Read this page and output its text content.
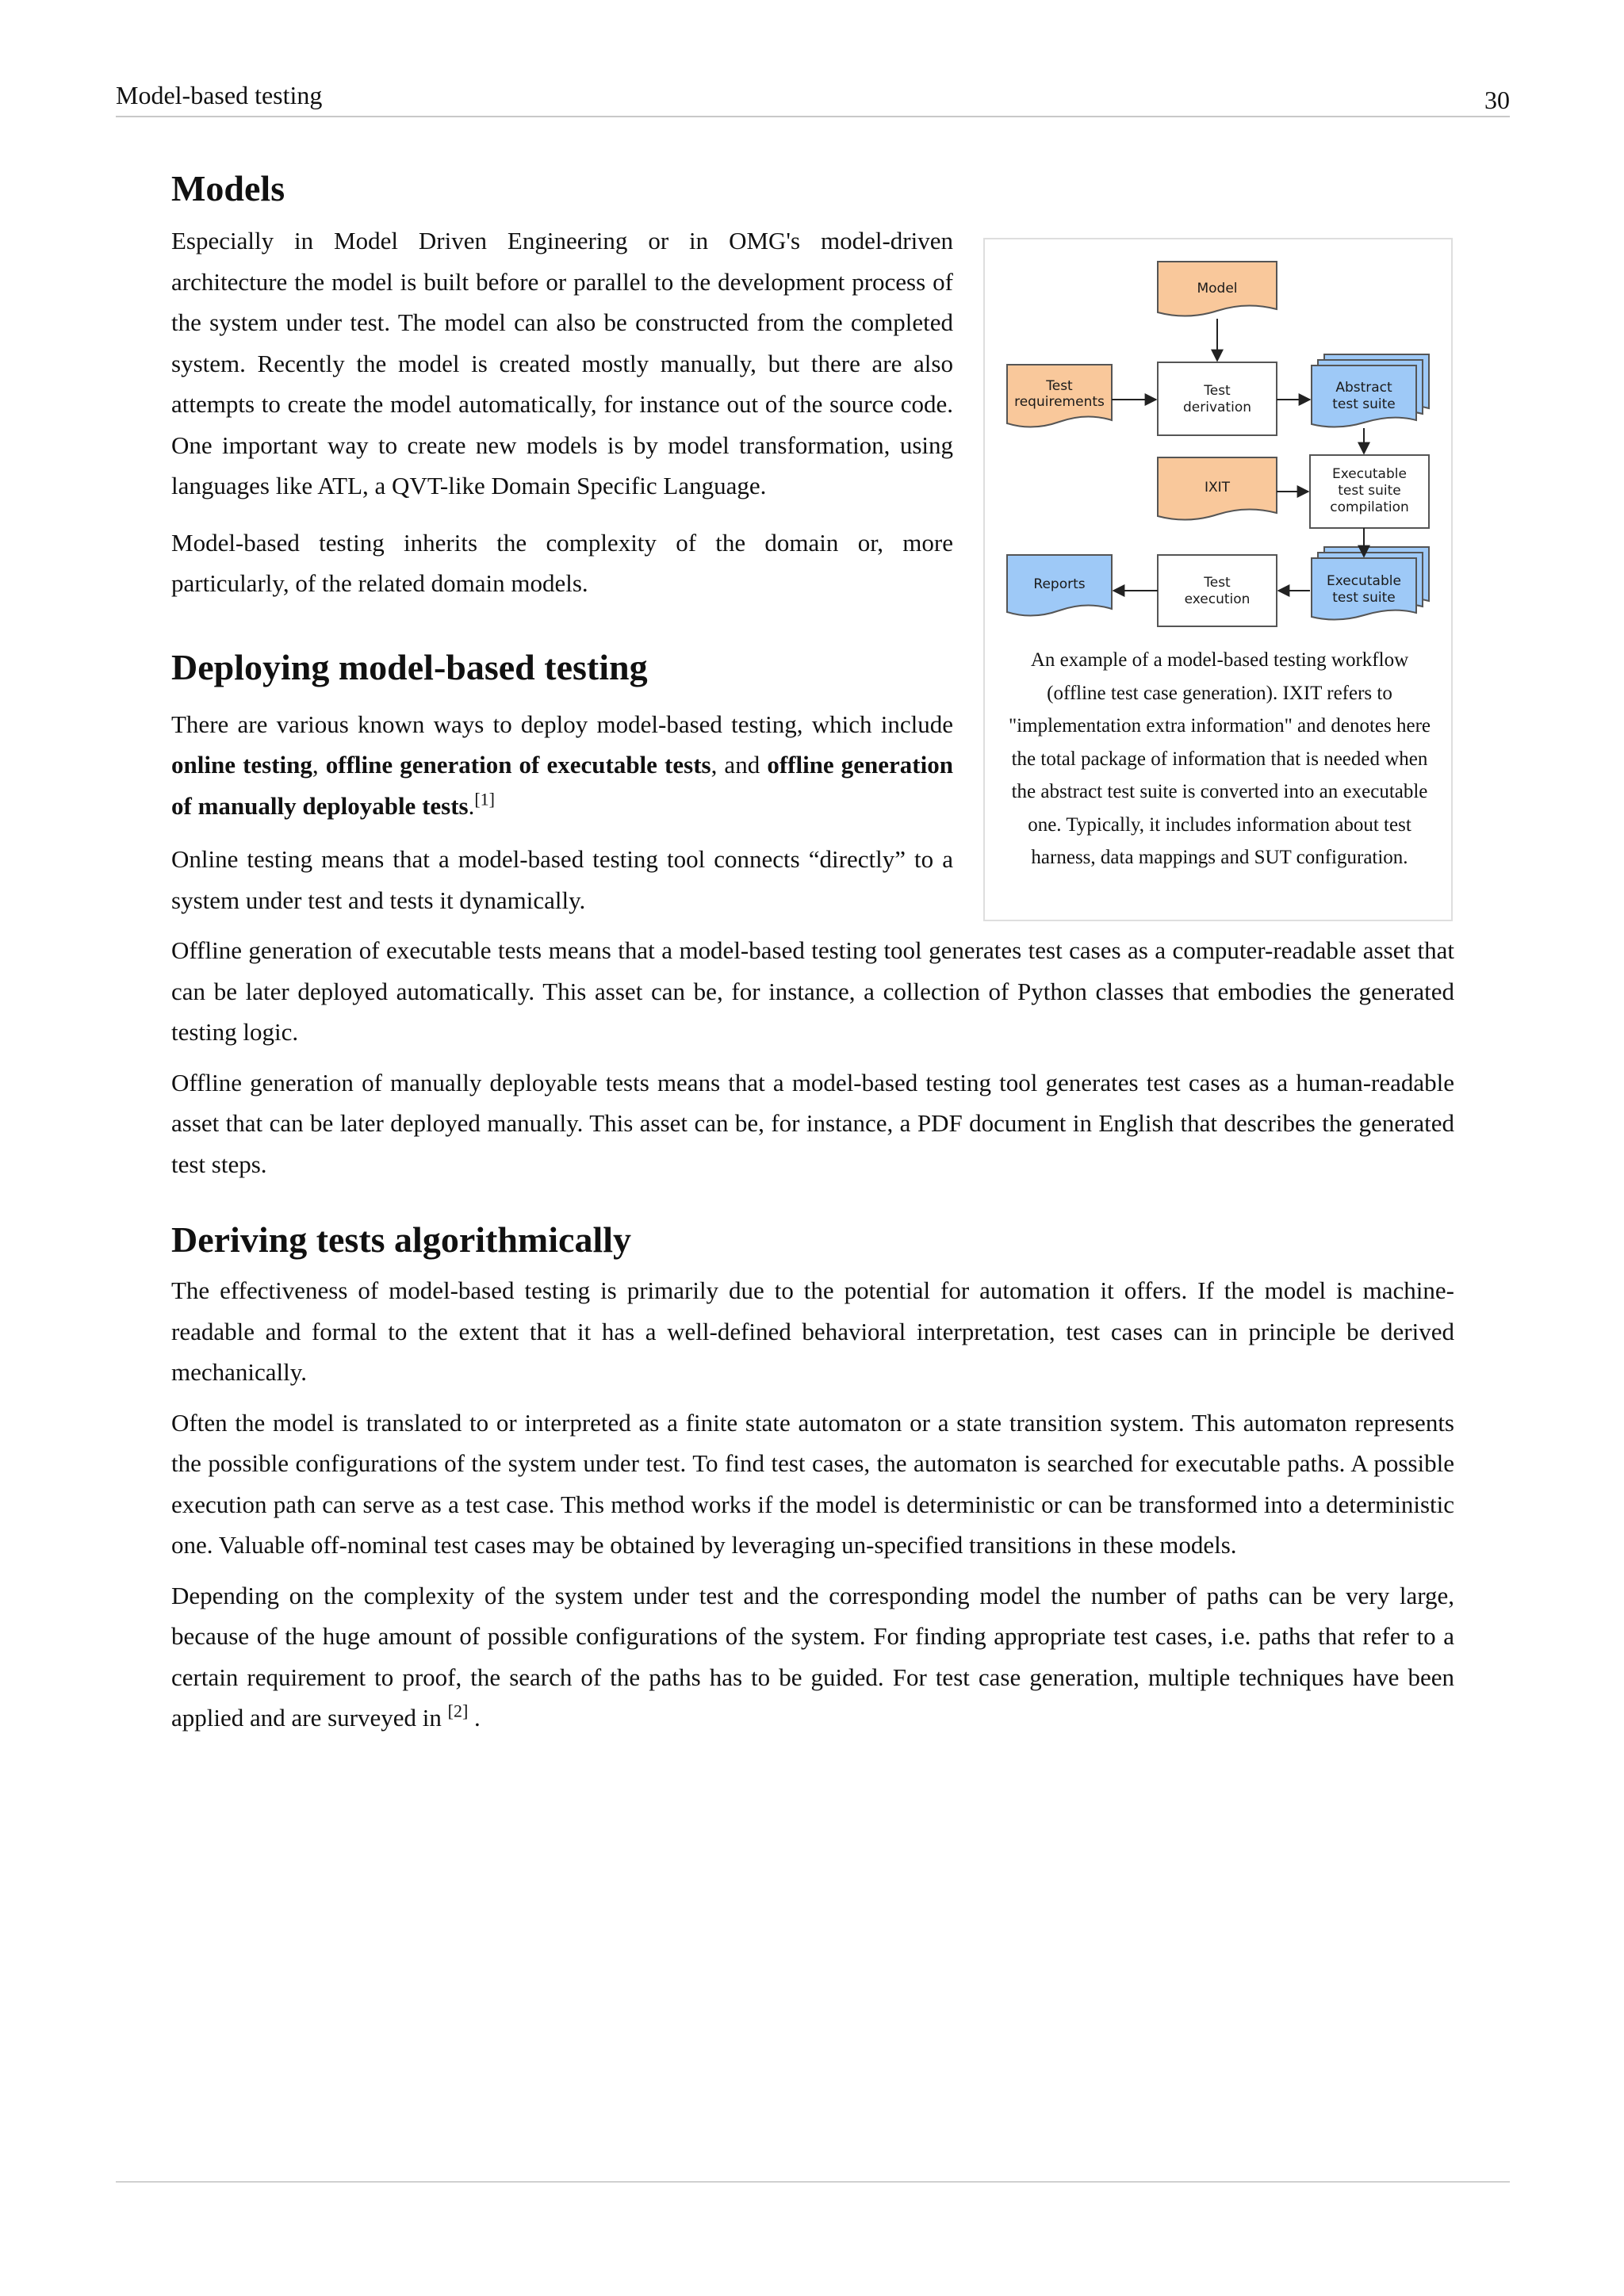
Model-based testing	30
Models

Especially in Model Driven Engineering or in OMG's model-driven architecture the model is built before or parallel to the development process of the system under test. The model can also be constructed from the completed system. Recently the model is created mostly manually, but there are also attempts to create the model automatically, for instance out of the source code. One important way to create new models is by model transformation, using languages like ATL, a QVT-like Domain Specific Language.

Model-based testing inherits the complexity of the domain or, more particularly, of the related domain models.

Deploying model-based testing

There are various known ways to deploy model-based testing, which include online testing, offline generation of executable tests, and offline generation of manually deployable tests.[1]

Online testing means that a model-based testing tool connects “directly” to a system under test and tests it dynamically.

Offline generation of executable tests means that a model-based testing tool generates test cases as a computer-readable asset that can be later deployed automatically. This asset can be, for instance, a collection of Python classes that embodies the generated testing logic.

Offline generation of manually deployable tests means that a model-based testing tool generates test cases as a human-readable asset that can be later deployed manually. This asset can be, for instance, a PDF document in English that describes the generated test steps.

Deriving tests algorithmically

The effectiveness of model-based testing is primarily due to the potential for automation it offers. If the model is machine-readable and formal to the extent that it has a well-defined behavioral interpretation, test cases can in principle be derived mechanically.

Often the model is translated to or interpreted as a finite state automaton or a state transition system. This automaton represents the possible configurations of the system under test. To find test cases, the automaton is searched for executable paths. A possible execution path can serve as a test case. This method works if the model is deterministic or can be transformed into a deterministic one. Valuable off-nominal test cases may be obtained by leveraging un-specified transitions in these models.

Depending on the complexity of the system under test and the corresponding model the number of paths can be very large, because of the huge amount of possible configurations of the system. For finding appropriate test cases, i.e. paths that refer to a certain requirement to proof, the search of the paths has to be guided. For test case generation, multiple techniques have been applied and are surveyed in [2] .

Model
Test
requirements
Test
derivation
Abstract
test suite
IXIT
Executable
test suite
compilation
Reports	Test
execution
Executable
test suite
An example of a model-based testing workflow (offline test case generation). IXIT refers to "implementation extra information" and denotes here the total package of information that is needed when the abstract test suite is converted into an executable one. Typically, it includes information about test harness, data mappings and SUT configuration.
